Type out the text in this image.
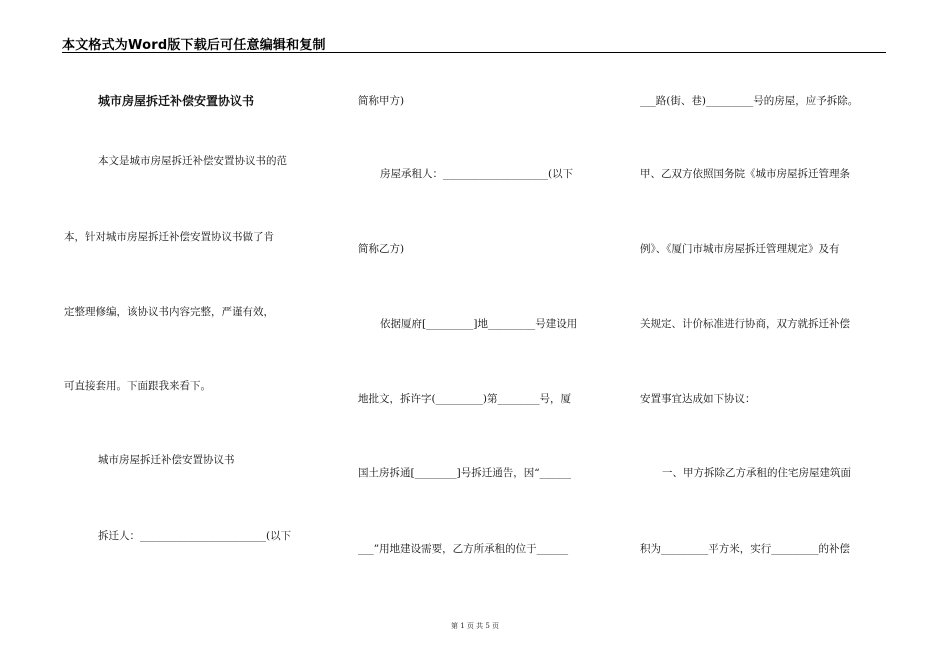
本文格式为Word版下载后可任意编辑和复制
城市房屋拆迁补偿安置协议书
本文是城市房屋拆迁补偿安置协议书的范
本，针对城市房屋拆迁补偿安置协议书做了肯
定整理修编，该协议书内容完整，严谨有效，
可直接套用。下面跟我来看下。
城市房屋拆迁补偿安置协议书
拆迁人：________________________(以下
简称甲方)
房屋承租人：____________________(以下
简称乙方)
依据厦府[_________]地_________号建设用
地批文，拆许字(_________)第________号，厦
国土房拆通[________]号拆迁通告，因“______
___”用地建设需要，乙方所承租的位于______
___路(街、巷)_________号的房屋，应予拆除。
甲、乙双方依照国务院《城市房屋拆迁管理条
例》、《厦门市城市房屋拆迁管理规定》及有
关规定、计价标准进行协商，双方就拆迁补偿
安置事宜达成如下协议：
一、甲方拆除乙方承租的住宅房屋建筑面
积为_________平方米，实行_________的补偿
第 1 页 共 5 页
